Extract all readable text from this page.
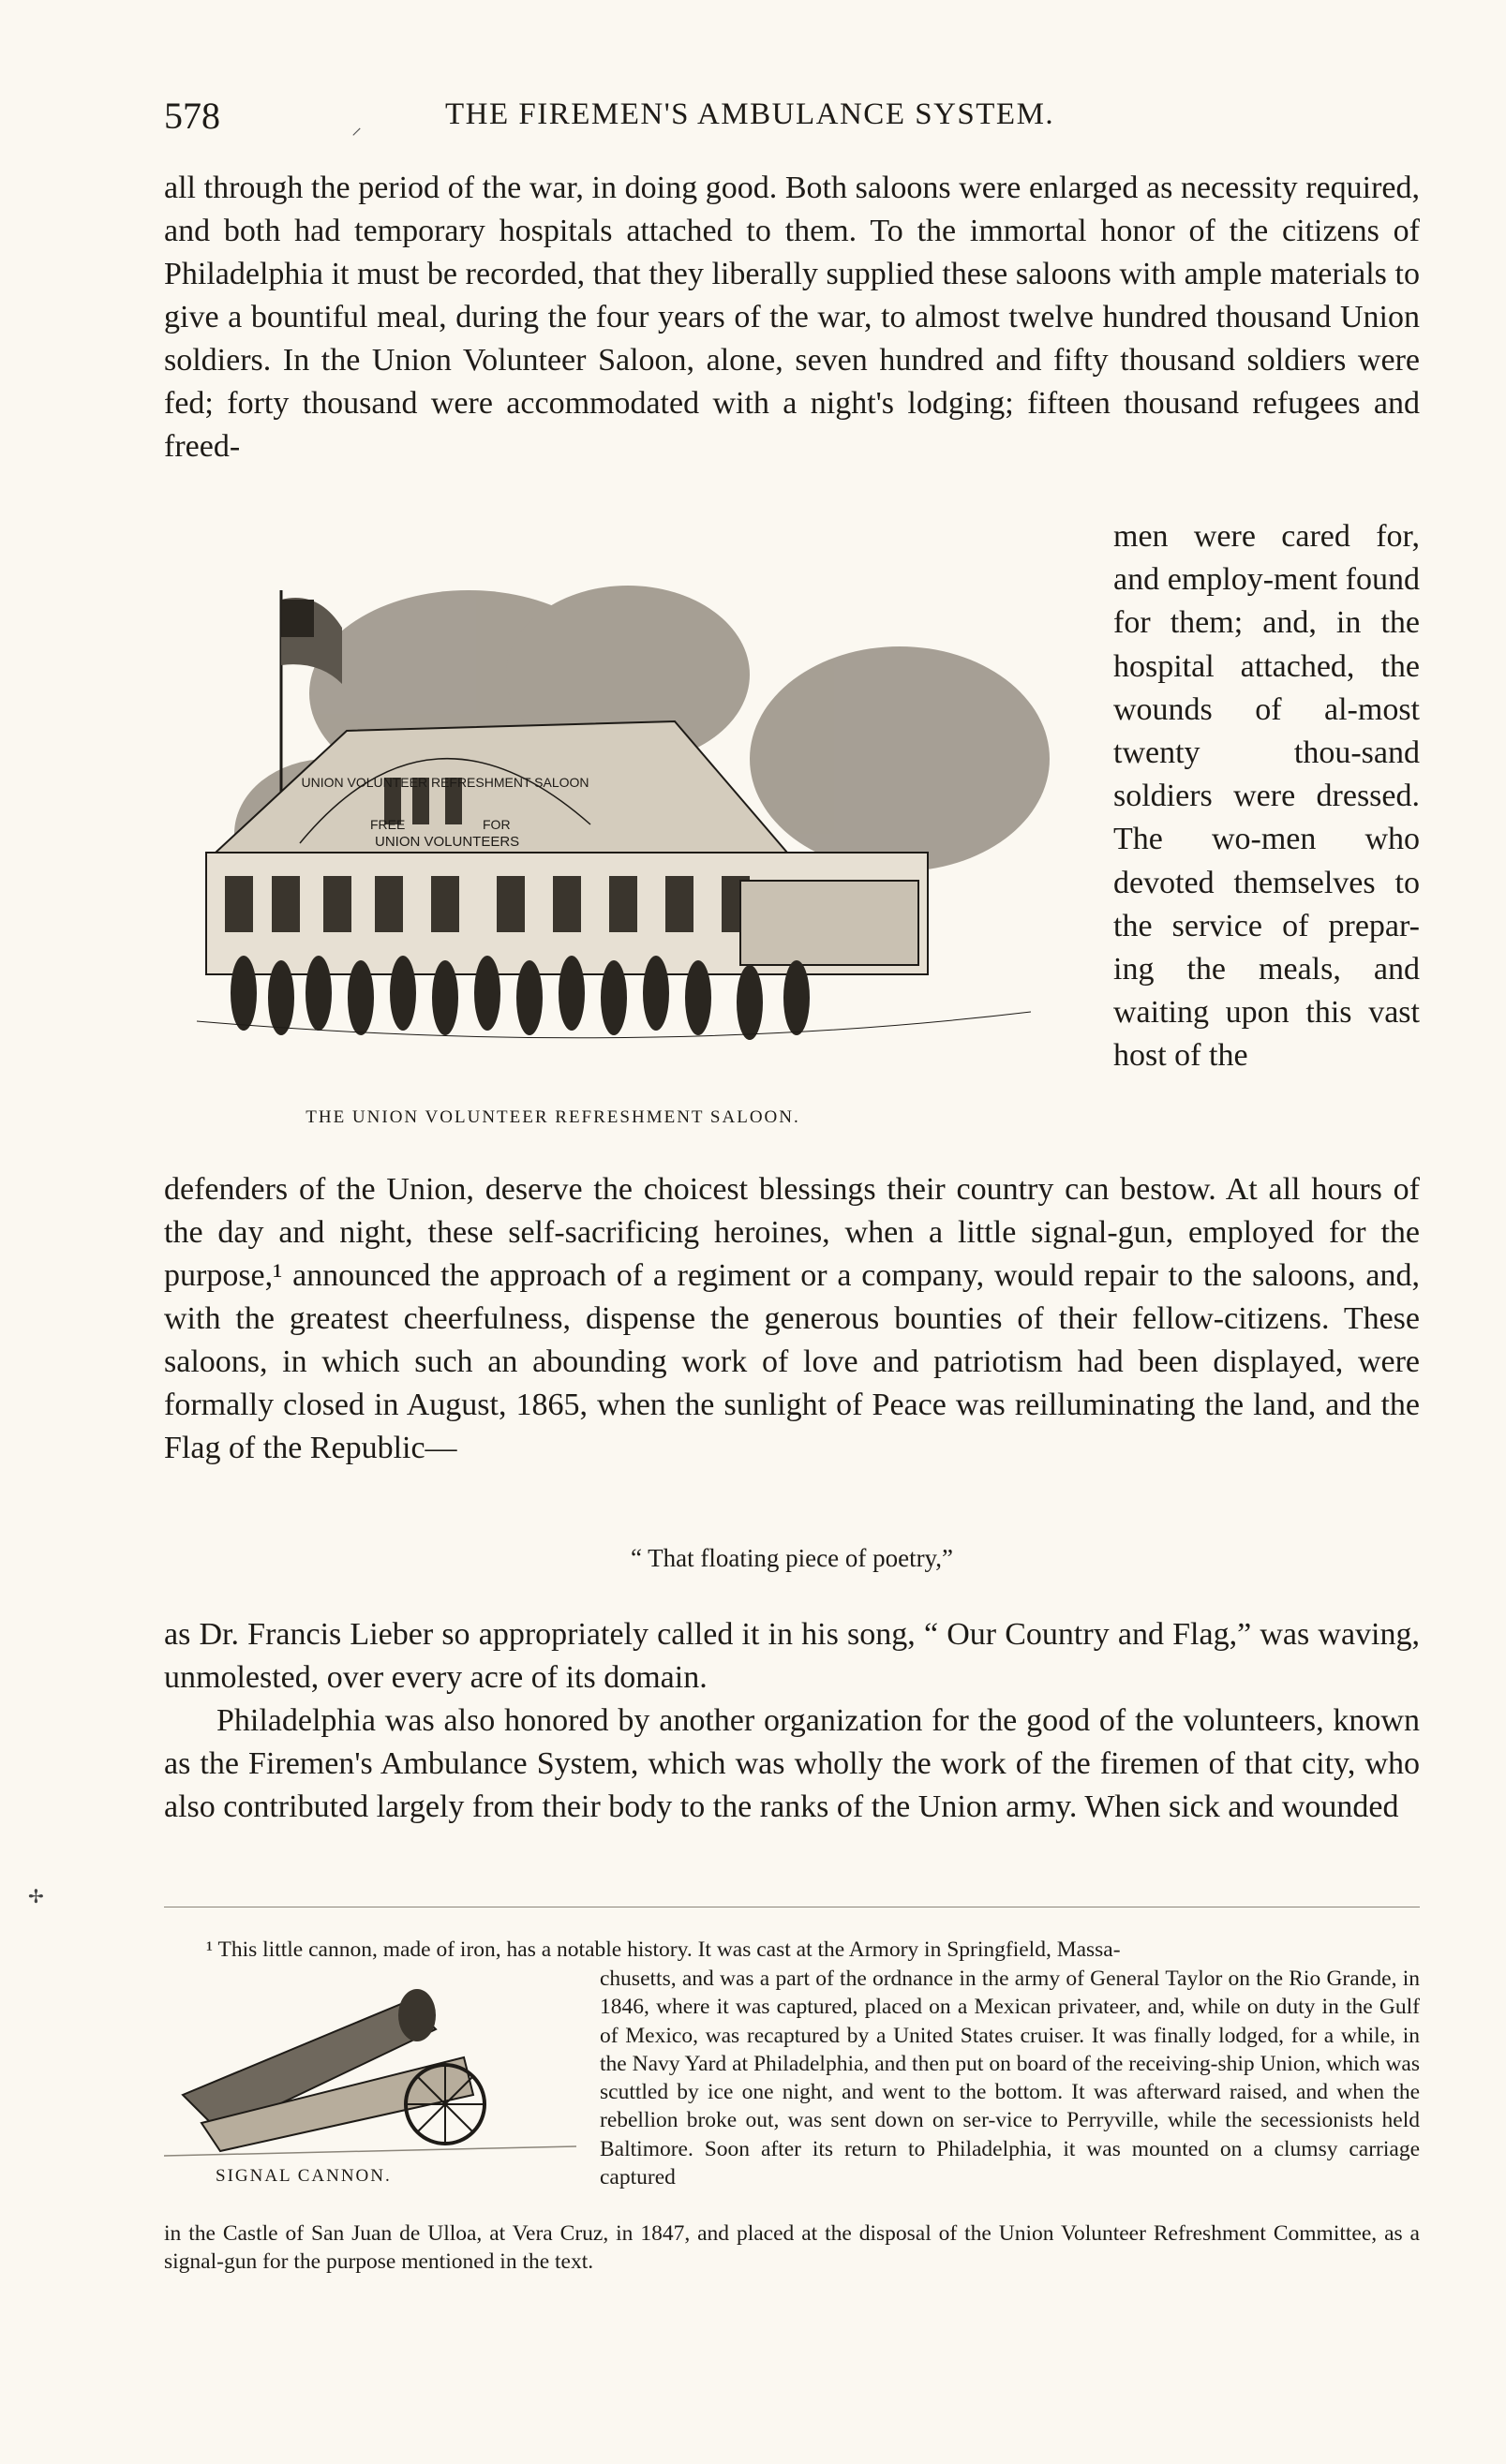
578	⸝	THE FIREMEN'S AMBULANCE SYSTEM.

all through the period of the war, in doing good. Both saloons were enlarged as necessity required, and both had temporary hospitals attached to them. To the immortal honor of the citizens of Philadelphia it must be recorded, that they liberally supplied these saloons with ample materials to give a bountiful meal, during the four years of the war, to almost twelve hundred thousand Union soldiers. In the Union Volunteer Saloon, alone, seven hundred and fifty thousand soldiers were fed; forty thousand were accommodated with a night's lodging; fifteen thousand refugees and freed-

UNION VOLUNTEER REFRESHMENT SALOON
FREE	FOR
UNION VOLUNTEERS
THE UNION VOLUNTEER REFRESHMENT SALOON.

men were cared for, and employ-ment found for them; and, in the hospital attached, the wounds of al-most twenty thou-sand soldiers were dressed. The wo-men who devoted themselves to the service of prepar-ing the meals, and waiting upon this vast host of the

defenders of the Union, deserve the choicest blessings their country can bestow. At all hours of the day and night, these self-sacrificing heroines, when a little signal-gun, employed for the purpose,¹ announced the approach of a regiment or a company, would repair to the saloons, and, with the greatest cheerfulness, dispense the generous bounties of their fellow-citizens. These saloons, in which such an abounding work of love and patriotism had been displayed, were formally closed in August, 1865, when the sunlight of Peace was reilluminating the land, and the Flag of the Republic—

“ That floating piece of poetry,”

as Dr. Francis Lieber so appropriately called it in his song, “ Our Country and Flag,” was waving, unmolested, over every acre of its domain.

Philadelphia was also honored by another organization for the good of the volunteers, known as the Firemen's Ambulance System, which was wholly the work of the firemen of that city, who also contributed largely from their body to the ranks of the Union army. When sick and wounded

✢

¹ This little cannon, made of iron, has a notable history. It was cast at the Armory in Springfield, Massa-

SIGNAL CANNON.

chusetts, and was a part of the ordnance in the army of General Taylor on the Rio Grande, in 1846, where it was captured, placed on a Mexican privateer, and, while on duty in the Gulf of Mexico, was recaptured by a United States cruiser. It was finally lodged, for a while, in the Navy Yard at Philadelphia, and then put on board of the receiving-ship Union, which was scuttled by ice one night, and went to the bottom. It was afterward raised, and when the rebellion broke out, was sent down on ser-vice to Perryville, while the secessionists held Baltimore. Soon after its return to Philadelphia, it was mounted on a clumsy carriage captured

in the Castle of San Juan de Ulloa, at Vera Cruz, in 1847, and placed at the disposal of the Union Volunteer Refreshment Committee, as a signal-gun for the purpose mentioned in the text.
